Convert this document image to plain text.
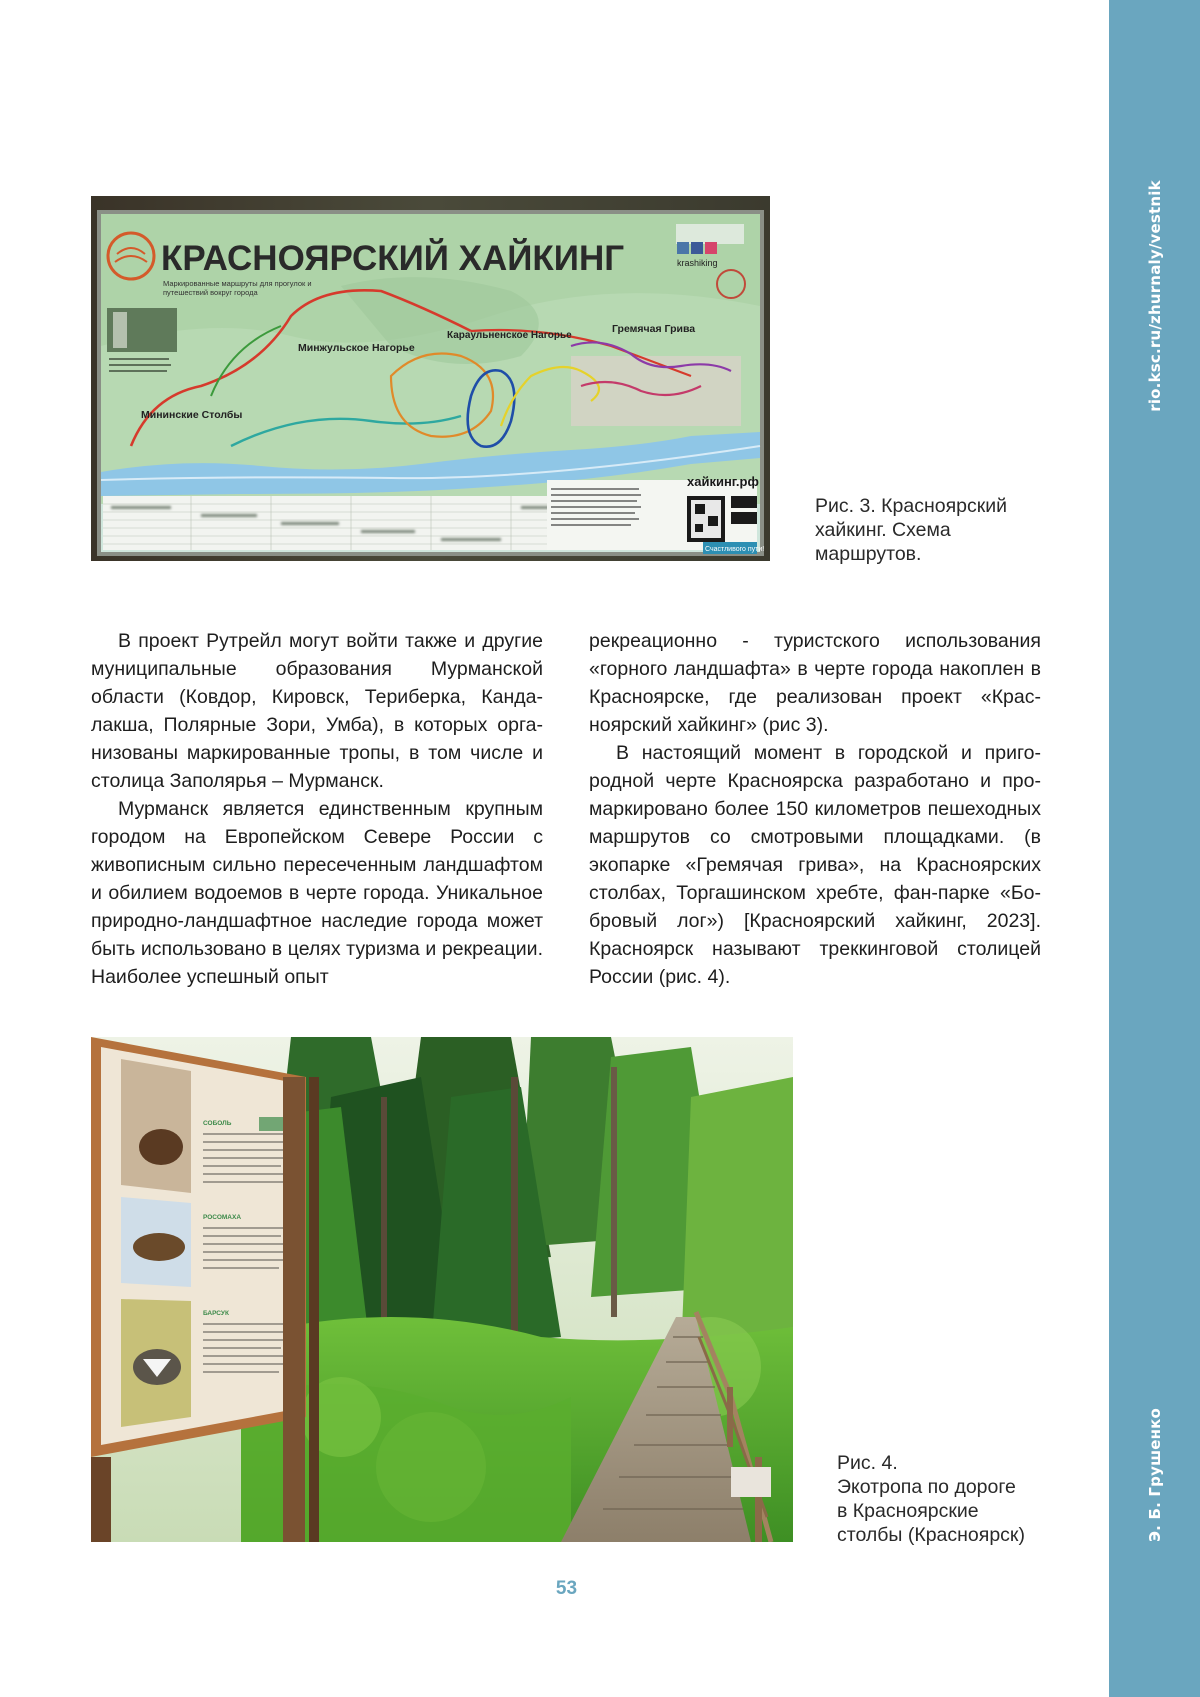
rio.ksc.ru/zhurnaly/vestnik
Э. Б. Грушенко
КРАСНОЯРСКИЙ ХАЙКИНГ
Маркированные маршруты для прогулок и
путешествий вокруг города
Минжульское Нагорье
Караульненское Нагорье
Гремячая Грива
Мининские Столбы
krashiking
хайкинг.рф
Счастливого пути!
Рис. 3. Красноярский
хайкинг. Схема
маршрутов.

В проект Рутрейл могут войти также и другие муниципальные образования Мурманской области (Ковдор, Кировск, Териберка, Кандалакша, Полярные Зори, Умба), в которых организованы маркированные тропы, в том числе и столица Заполярья – Мурманск.

Мурманск является единственным крупным городом на Европейском Севере России с живописным сильно пересеченным ландшафтом и обилием водоемов в черте города. Уникальное природно-ландшафтное наследие города может быть использовано в целях туризма и рекреации. Наиболее успешный опыт

рекреационно - туристского использования «горного ландшафта» в черте города накоплен в Красноярске, где реализован проект «Красноярский хайкинг» (рис 3).

В настоящий момент в городской и пригородной черте Красноярска разработано и промаркировано более 150 километров пешеходных маршрутов со смотровыми площадками. (в экопарке «Гремячая грива», на Красноярских столбах, Торгашинском хребте, фан-парке «Бобровый лог») [Красноярский хайкинг, 2023]. Красноярск называют треккинговой столицей России (рис. 4).

СОБОЛЬ
РОСОМАХА
БАРСУК
Рис. 4.
Экотропа по дороге
в Красноярские
столбы (Красноярск)
53
